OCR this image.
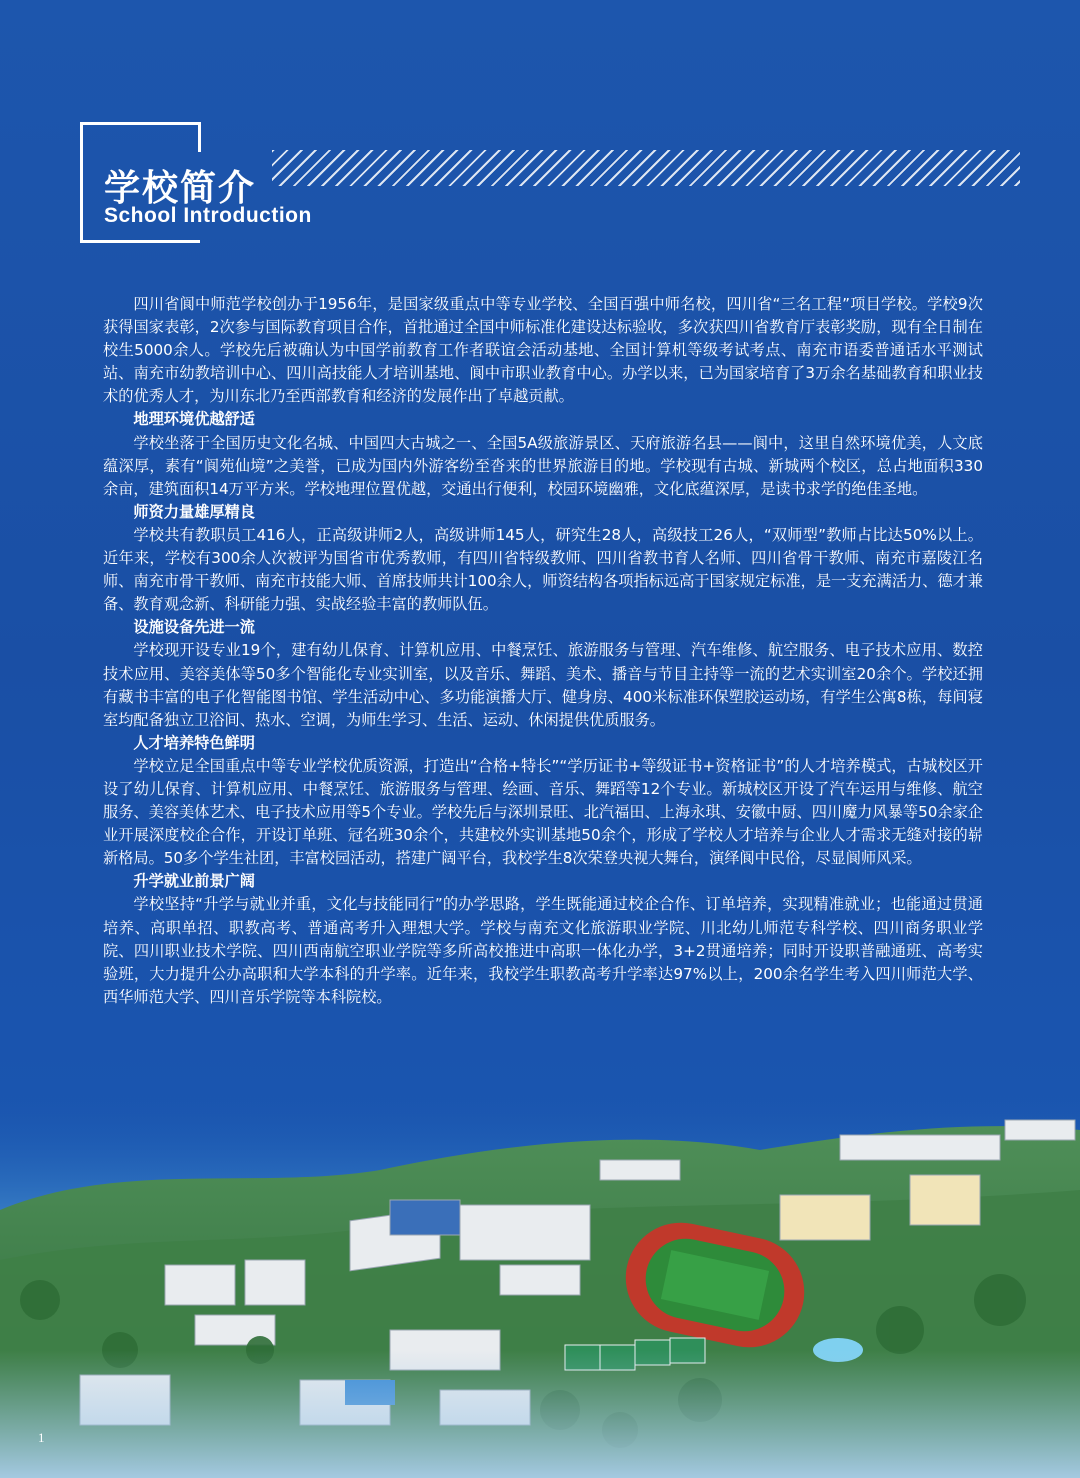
学校简介
School Introduction

四川省阆中师范学校创办于1956年，是国家级重点中等专业学校、全国百强中师名校，四川省“三名工程”项目学校。学校9次获得国家表彰，2次参与国际教育项目合作，首批通过全国中师标准化建设达标验收，多次获四川省教育厅表彰奖励，现有全日制在校生5000余人。学校先后被确认为中国学前教育工作者联谊会活动基地、全国计算机等级考试考点、南充市语委普通话水平测试站、南充市幼教培训中心、四川高技能人才培训基地、阆中市职业教育中心。办学以来，已为国家培育了3万余名基础教育和职业技术的优秀人才，为川东北乃至西部教育和经济的发展作出了卓越贡献。

地理环境优越舒适

学校坐落于全国历史文化名城、中国四大古城之一、全国5A级旅游景区、天府旅游名县——阆中，这里自然环境优美，人文底蕴深厚，素有“阆苑仙境”之美誉，已成为国内外游客纷至沓来的世界旅游目的地。学校现有古城、新城两个校区，总占地面积330余亩，建筑面积14万平方米。学校地理位置优越，交通出行便利，校园环境幽雅，文化底蕴深厚，是读书求学的绝佳圣地。

师资力量雄厚精良

学校共有教职员工416人，正高级讲师2人，高级讲师145人，研究生28人，高级技工26人，“双师型”教师占比达50%以上。近年来，学校有300余人次被评为国省市优秀教师，有四川省特级教师、四川省教书育人名师、四川省骨干教师、南充市嘉陵江名师、南充市骨干教师、南充市技能大师、首席技师共计100余人，师资结构各项指标远高于国家规定标准，是一支充满活力、德才兼备、教育观念新、科研能力强、实战经验丰富的教师队伍。

设施设备先进一流

学校现开设专业19个，建有幼儿保育、计算机应用、中餐烹饪、旅游服务与管理、汽车维修、航空服务、电子技术应用、数控技术应用、美容美体等50多个智能化专业实训室，以及音乐、舞蹈、美术、播音与节目主持等一流的艺术实训室20余个。学校还拥有藏书丰富的电子化智能图书馆、学生活动中心、多功能演播大厅、健身房、400米标准环保塑胶运动场，有学生公寓8栋，每间寝室均配备独立卫浴间、热水、空调，为师生学习、生活、运动、休闲提供优质服务。

人才培养特色鲜明

学校立足全国重点中等专业学校优质资源，打造出“合格+特长”“学历证书+等级证书+资格证书”的人才培养模式，古城校区开设了幼儿保育、计算机应用、中餐烹饪、旅游服务与管理、绘画、音乐、舞蹈等12个专业。新城校区开设了汽车运用与维修、航空服务、美容美体艺术、电子技术应用等5个专业。学校先后与深圳景旺、北汽福田、上海永琪、安徽中厨、四川魔力风暴等50余家企业开展深度校企合作，开设订单班、冠名班30余个，共建校外实训基地50余个，形成了学校人才培养与企业人才需求无缝对接的崭新格局。50多个学生社团，丰富校园活动，搭建广阔平台，我校学生8次荣登央视大舞台，演绎阆中民俗，尽显阆师风采。

升学就业前景广阔

学校坚持“升学与就业并重，文化与技能同行”的办学思路，学生既能通过校企合作、订单培养，实现精准就业；也能通过贯通培养、高职单招、职教高考、普通高考升入理想大学。学校与南充文化旅游职业学院、川北幼儿师范专科学校、四川商务职业学院、四川职业技术学院、四川西南航空职业学院等多所高校推进中高职一体化办学，3+2贯通培养；同时开设职普融通班、高考实验班，大力提升公办高职和大学本科的升学率。近年来，我校学生职教高考升学率达97%以上，200余名学生考入四川师范大学、西华师范大学、四川音乐学院等本科院校。

1
